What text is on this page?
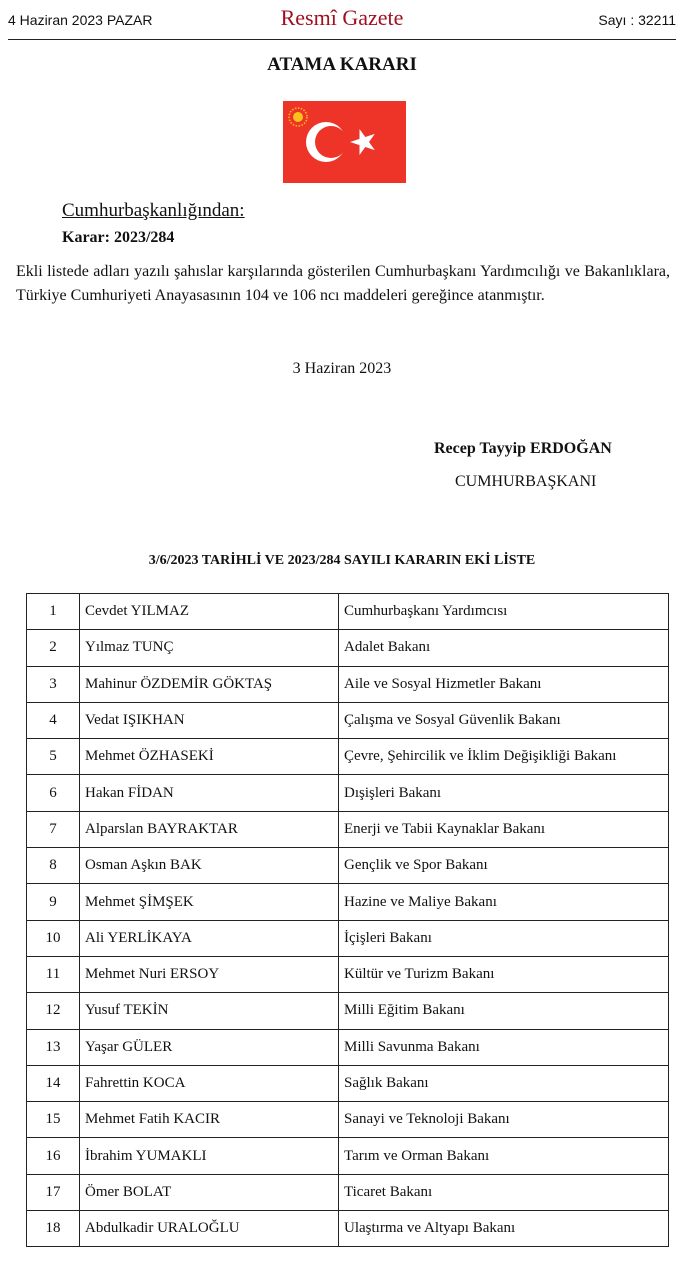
4 Haziran 2023 PAZAR	Resmî Gazete	Sayı : 32211
ATAMA KARARI
Cumhurbaşkanlığından:
Karar: 2023/284
Ekli listede adları yazılı şahıslar karşılarında gösterilen Cumhurbaşkanı Yardımcılığı ve Bakanlıklara, Türkiye Cumhuriyeti Anayasasının 104 ve 106 ncı maddeleri gereğince atanmıştır.
3 Haziran 2023
Recep Tayyip ERDOĞAN
CUMHURBAŞKANI
3/6/2023 TARİHLİ VE 2023/284 SAYILI KARARIN EKİ LİSTE
1	Cevdet YILMAZ	Cumhurbaşkanı Yardımcısı
2	Yılmaz TUNÇ	Adalet Bakanı
3	Mahinur ÖZDEMİR GÖKTAŞ	Aile ve Sosyal Hizmetler Bakanı
4	Vedat IŞIKHAN	Çalışma ve Sosyal Güvenlik Bakanı
5	Mehmet ÖZHASEKİ	Çevre, Şehircilik ve İklim Değişikliği Bakanı
6	Hakan FİDAN	Dışişleri Bakanı
7	Alparslan BAYRAKTAR	Enerji ve Tabii Kaynaklar Bakanı
8	Osman Aşkın BAK	Gençlik ve Spor Bakanı
9	Mehmet ŞİMŞEK	Hazine ve Maliye Bakanı
10	Ali YERLİKAYA	İçişleri Bakanı
11	Mehmet Nuri ERSOY	Kültür ve Turizm Bakanı
12	Yusuf TEKİN	Milli Eğitim Bakanı
13	Yaşar GÜLER	Milli Savunma Bakanı
14	Fahrettin KOCA	Sağlık Bakanı
15	Mehmet Fatih KACIR	Sanayi ve Teknoloji Bakanı
16	İbrahim YUMAKLI	Tarım ve Orman Bakanı
17	Ömer BOLAT	Ticaret Bakanı
18	Abdulkadir URALOĞLU	Ulaştırma ve Altyapı Bakanı
